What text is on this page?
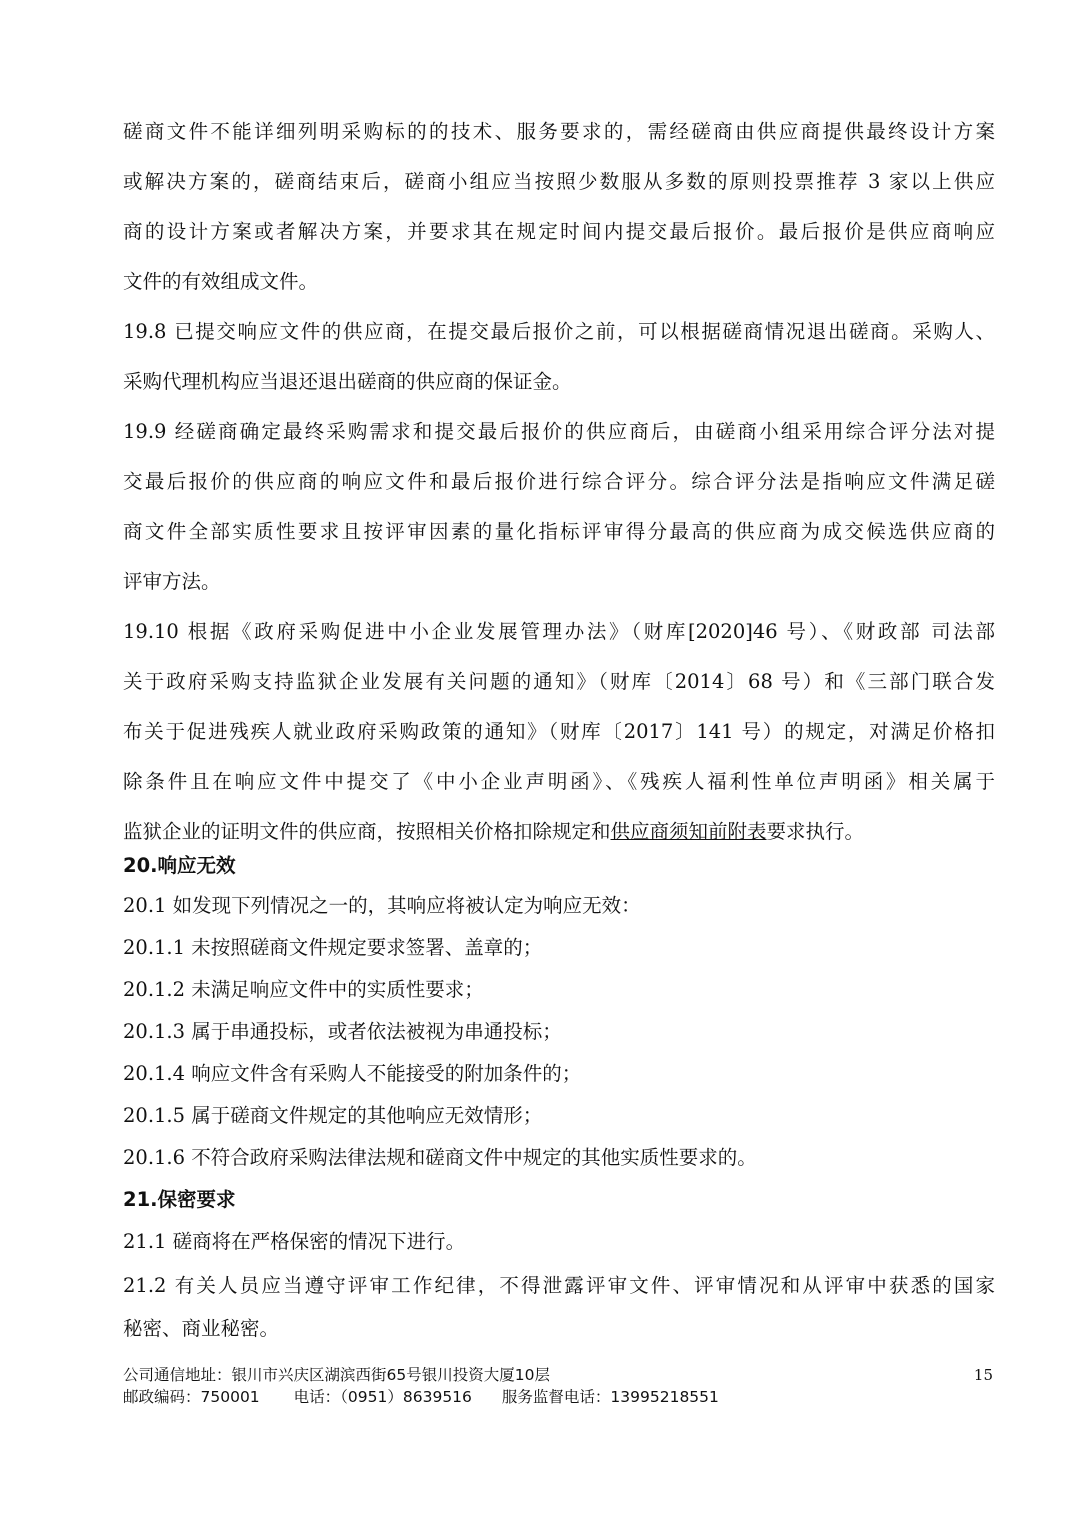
磋商文件不能详细列明采购标的的技术、服务要求的，需经磋商由供应商提供最终设计方案

或解决方案的，磋商结束后，磋商小组应当按照少数服从多数的原则投票推荐 3 家以上供应

商的设计方案或者解决方案，并要求其在规定时间内提交最后报价。最后报价是供应商响应

文件的有效组成文件。

19.8 已提交响应文件的供应商，在提交最后报价之前，可以根据磋商情况退出磋商。采购人、

采购代理机构应当退还退出磋商的供应商的保证金。

19.9 经磋商确定最终采购需求和提交最后报价的供应商后，由磋商小组采用综合评分法对提

交最后报价的供应商的响应文件和最后报价进行综合评分。综合评分法是指响应文件满足磋

商文件全部实质性要求且按评审因素的量化指标评审得分最高的供应商为成交候选供应商的

评审方法。

19.10 根据《政府采购促进中小企业发展管理办法》（财库[2020]46 号）、《财政部 司法部

关于政府采购支持监狱企业发展有关问题的通知》（财库〔2014〕68 号）和《三部门联合发

布关于促进残疾人就业政府采购政策的通知》（财库〔2017〕141 号）的规定，对满足价格扣

除条件且在响应文件中提交了《中小企业声明函》、《残疾人福利性单位声明函》相关属于

监狱企业的证明文件的供应商，按照相关价格扣除规定和供应商须知前附表要求执行。

20.响应无效

20.1 如发现下列情况之一的，其响应将被认定为响应无效：

20.1.1 未按照磋商文件规定要求签署、盖章的；

20.1.2 未满足响应文件中的实质性要求；

20.1.3 属于串通投标，或者依法被视为串通投标；

20.1.4 响应文件含有采购人不能接受的附加条件的；

20.1.5 属于磋商文件规定的其他响应无效情形；

20.1.6 不符合政府采购法律法规和磋商文件中规定的其他实质性要求的。

21.保密要求

21.1 磋商将在严格保密的情况下进行。

21.2 有关人员应当遵守评审工作纪律，不得泄露评审文件、评审情况和从评审中获悉的国家

秘密、商业秘密。

公司通信地址：银川市兴庆区湖滨西街65号银川投资大厦10层
邮政编码：750001 电话：（0951）8639516 服务监督电话：13995218551
15
